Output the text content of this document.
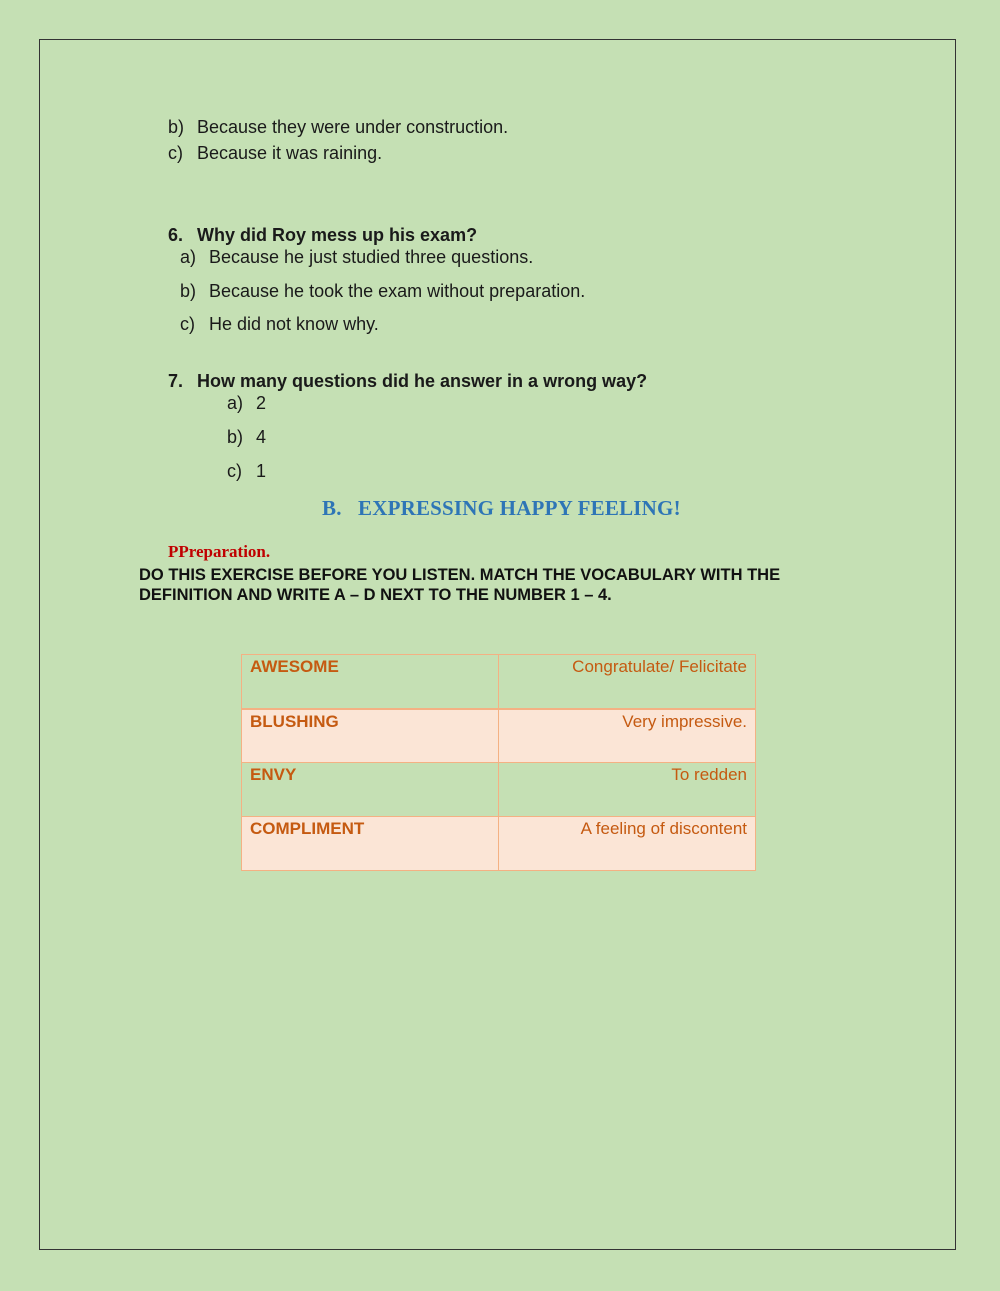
b) Because they were under construction.
c) Because it was raining.
6. Why did Roy mess up his exam?
a) Because he just studied three questions.
b) Because he took the exam without preparation.
c) He did not know why.
7. How many questions did he answer in a wrong way?
a) 2
b) 4
c) 1
B. EXPRESSING HAPPY FEELING!
PPreparation.
DO THIS EXERCISE BEFORE YOU LISTEN. MATCH THE VOCABULARY WITH THE DEFINITION AND WRITE A – D NEXT TO THE NUMBER 1 – 4.
AWESOME	Congratulate/ Felicitate
BLUSHING	Very impressive.
ENVY	To redden
COMPLIMENT	A feeling of discontent
